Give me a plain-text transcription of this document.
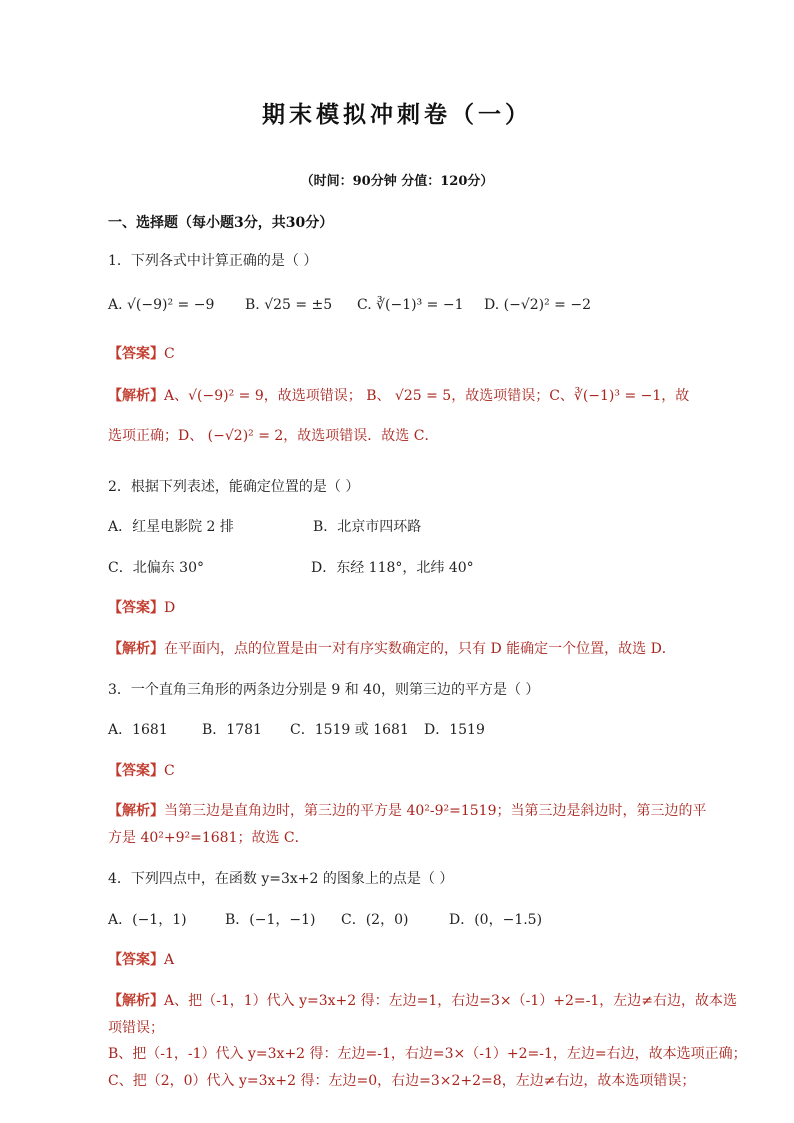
期末模拟冲刺卷（一）
（时间：90分钟 分值：120分）
一、选择题（每小题3分，共30分）
1．下列各式中计算正确的是（ ）
A. √(−9)² = −9 B. √25 = ±5 C. ∛(−1)³ = −1 D. (−√2)² = −2
【答案】C
【解析】A、√(−9)² = 9，故选项错误； B、 √25 = 5，故选项错误；C、∛(−1)³ = −1，故
选项正确；D、 (−√2)² = 2，故选项错误．故选 C．
2．根据下列表述，能确定位置的是（ ）
A．红星电影院 2 排	B．北京市四环路
C．北偏东 30°	D．东经 118°，北纬 40°
【答案】D
【解析】在平面内，点的位置是由一对有序实数确定的，只有 D 能确定一个位置，故选 D．
3．一个直角三角形的两条边分别是 9 和 40，则第三边的平方是（ ）
A．1681 B．1781 C．1519 或 1681 D．1519
【答案】C
【解析】当第三边是直角边时，第三边的平方是 40²-9²=1519；当第三边是斜边时，第三边的平
方是 40²+9²=1681；故选 C．
4．下列四点中，在函数 y=3x+2 的图象上的点是（ ）
A．(−1，1)	B．(−1，−1) C．(2，0)	D．(0，−1.5)
【答案】A
【解析】A、把（-1，1）代入 y=3x+2 得：左边=1，右边=3×（-1）+2=-1，左边≠右边，故本选
项错误；
B、把（-1，-1）代入 y=3x+2 得：左边=-1，右边=3×（-1）+2=-1，左边=右边，故本选项正确；
C、把（2，0）代入 y=3x+2 得：左边=0，右边=3×2+2=8，左边≠右边，故本选项错误；
